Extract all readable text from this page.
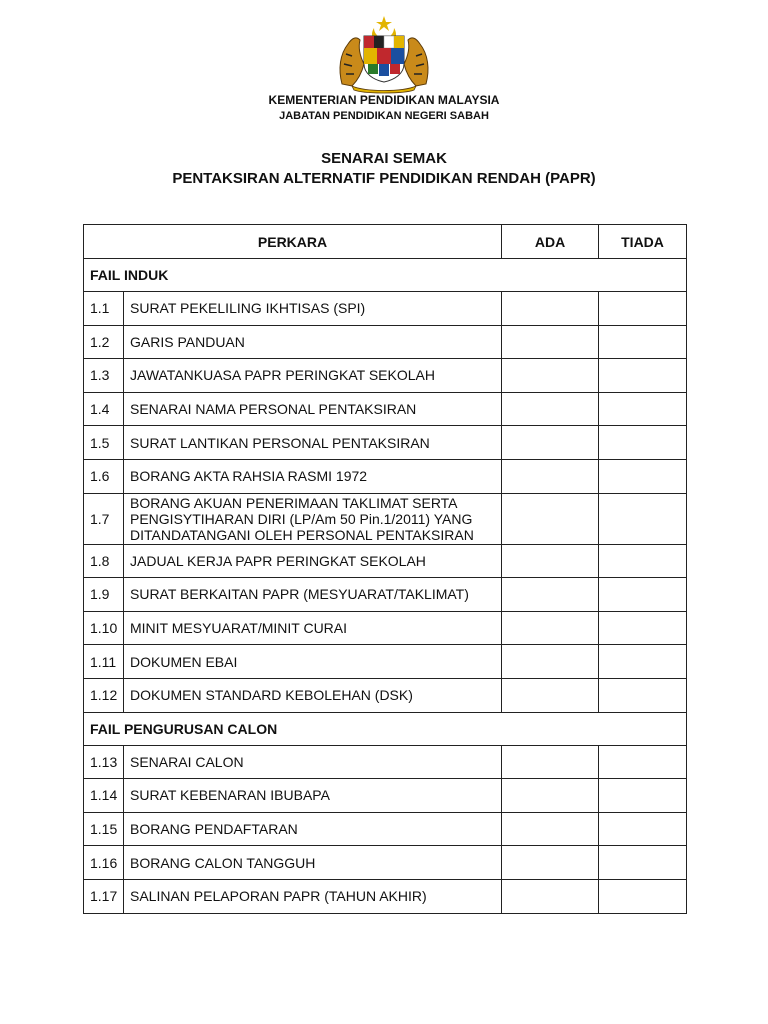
KEMENTERIAN PENDIDIKAN MALAYSIA
JABATAN PENDIDIKAN NEGERI SABAH
SENARAI SEMAK
PENTAKSIRAN ALTERNATIF PENDIDIKAN RENDAH (PAPR)
PERKARA		ADA	TIADA
FAIL INDUK			
1.1	SURAT PEKELILING IKHTISAS (SPI)		
1.2	GARIS PANDUAN		
1.3	JAWATANKUASA PAPR PERINGKAT SEKOLAH		
1.4	SENARAI NAMA PERSONAL PENTAKSIRAN		
1.5	SURAT LANTIKAN PERSONAL PENTAKSIRAN		
1.6	BORANG AKTA RAHSIA RASMI 1972		
1.7	BORANG AKUAN PENERIMAAN TAKLIMAT SERTA PENGISYTIHARAN DIRI (LP/Am 50 Pin.1/2011) YANG DITANDATANGANI OLEH PERSONAL PENTAKSIRAN		
1.8	JADUAL KERJA PAPR PERINGKAT SEKOLAH		
1.9	SURAT BERKAITAN PAPR (MESYUARAT/TAKLIMAT)		
1.10	MINIT MESYUARAT/MINIT CURAI		
1.11	DOKUMEN EBAI		
1.12	DOKUMEN STANDARD KEBOLEHAN (DSK)		
FAIL PENGURUSAN CALON			
1.13	SENARAI CALON		
1.14	SURAT KEBENARAN IBUBAPA		
1.15	BORANG PENDAFTARAN		
1.16	BORANG CALON TANGGUH		
1.17	SALINAN PELAPORAN PAPR (TAHUN AKHIR)		
